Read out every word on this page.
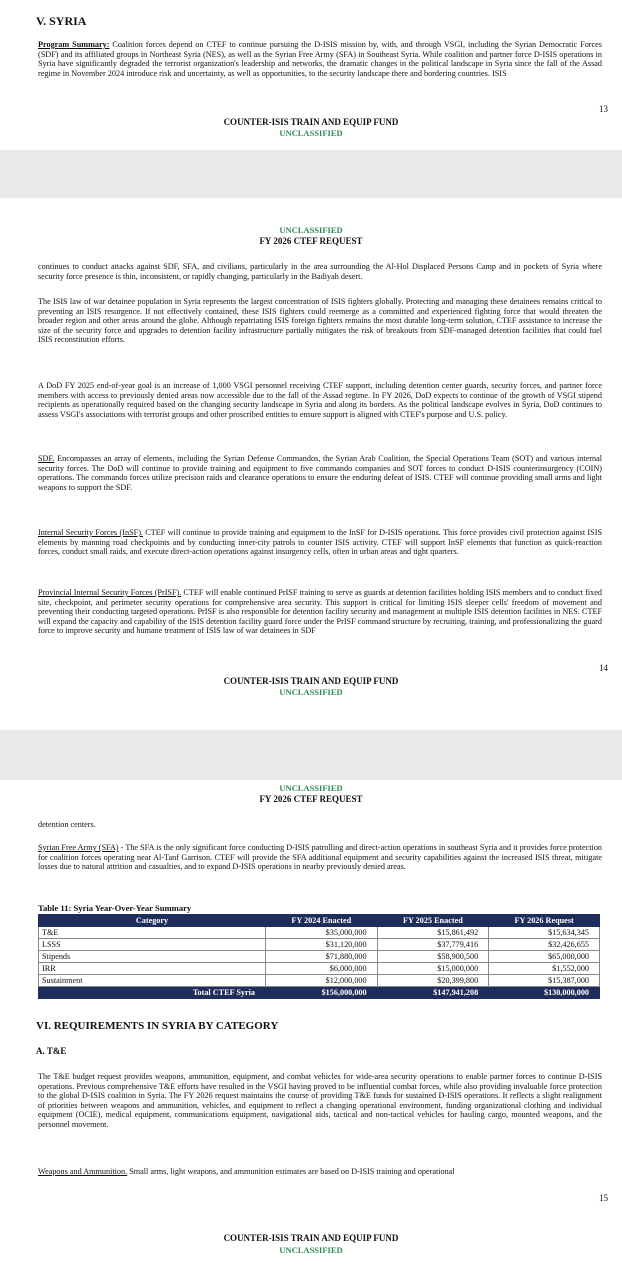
V. SYRIA

Program Summary: Coalition forces depend on CTEF to continue pursuing the D-ISIS mission by, with, and through VSGI, including the Syrian Democratic Forces (SDF) and its affiliated groups in Northeast Syria (NES), as well as the Syrian Free Army (SFA) in Southeast Syria. While coalition and partner force D-ISIS operations in Syria have significantly degraded the terrorist organization's leadership and networks, the dramatic changes in the political landscape in Syria since the fall of the Assad regime in November 2024 introduce risk and uncertainty, as well as opportunities, to the security landscape there and bordering countries. ISIS

13
COUNTER-ISIS TRAIN AND EQUIP FUND
UNCLASSIFIED
UNCLASSIFIED
FY 2026 CTEF REQUEST

continues to conduct attacks against SDF, SFA, and civilians, particularly in the area surrounding the Al-Hol Displaced Persons Camp and in pockets of Syria where security force presence is thin, inconsistent, or rapidly changing, particularly in the Badiyah desert.

The ISIS law of war detainee population in Syria represents the largest concentration of ISIS fighters globally. Protecting and managing these detainees remains critical to preventing an ISIS resurgence. If not effectively contained, these ISIS fighters could reemerge as a committed and experienced fighting force that would threaten the broader region and other areas around the globe. Although repatriating ISIS foreign fighters remains the most durable long-term solution, CTEF assistance to increase the size of the security force and upgrades to detention facility infrastructure partially mitigates the risk of breakouts from SDF-managed detention facilities that could fuel ISIS reconstitution efforts.

A DoD FY 2025 end-of-year goal is an increase of 1,000 VSGI personnel receiving CTEF support, including detention center guards, security forces, and partner force members with access to previously denied areas now accessible due to the fall of the Assad regime. In FY 2026, DoD expects to continue of the growth of VSGI stipend recipients as operationally required based on the changing security landscape in Syria and along its borders. As the political landscape evolves in Syria, DoD continues to assess VSGI's associations with terrorist groups and other proscribed entities to ensure support is aligned with CTEF's purpose and U.S. policy.

SDF. Encompasses an array of elements, including the Syrian Defense Commandos, the Syrian Arab Coalition, the Special Operations Team (SOT) and various internal security forces. The DoD will continue to provide training and equipment to five commando companies and SOT forces to conduct D-ISIS counterinsurgency (COIN) operations. The commando forces utilize precision raids and clearance operations to ensure the enduring defeat of ISIS. CTEF will continue providing small arms and light weapons to support the SDF.

Internal Security Forces (InSF). CTEF will continue to provide training and equipment to the InSF for D-ISIS operations. This force provides civil protection against ISIS elements by manning road checkpoints and by conducting inner-city patrols to counter ISIS activity. CTEF will support InSF elements that function as quick-reaction forces, conduct small raids, and execute direct-action operations against insurgency cells, often in urban areas and tight quarters.

Provincial Internal Security Forces (PrISF). CTEF will enable continued PrISF training to serve as guards at detention facilities holding ISIS members and to conduct fixed site, checkpoint, and perimeter security operations for comprehensive area security. This support is critical for limiting ISIS sleeper cells' freedom of movement and preventing their conducting targeted operations. PrISF is also responsible for detention facility security and management at multiple ISIS detention facilities in NES. CTEF will expand the capacity and capability of the ISIS detention facility guard force under the PrISF command structure by recruiting, training, and professionalizing the guard force to improve security and humane treatment of ISIS law of war detainees in SDF

14
COUNTER-ISIS TRAIN AND EQUIP FUND
UNCLASSIFIED
UNCLASSIFIED
FY 2026 CTEF REQUEST

detention centers.

Syrian Free Army (SFA) - The SFA is the only significant force conducting D-ISIS patrolling and direct-action operations in southeast Syria and it provides force protection for coalition forces operating near Al-Tanf Garrison. CTEF will provide the SFA additional equipment and security capabilities against the increased ISIS threat, mitigate losses due to natural attrition and casualties, and to expand D-ISIS operations in nearby previously denied areas.

Table 11: Syria Year-Over-Year Summary
Category	FY 2024 Enacted	FY 2025 Enacted	FY 2026 Request
T&E	$35,000,000	$15,861,492	$15,634,345
LSSS	$31,120,000	$37,779,416	$32,426,655
Stipends	$71,880,000	$58,900,500	$65,000,000
IRR	$6,000,000	$15,000,000	$1,552,000
Sustainment	$12,000,000	$20,399,800	$15,387,000
Total CTEF Syria	$156,000,000	$147,941,208	$130,000,000
VI. REQUIREMENTS IN SYRIA BY CATEGORY
A. T&E

The T&E budget request provides weapons, ammunition, equipment, and combat vehicles for wide-area security operations to enable partner forces to continue D-ISIS operations. Previous comprehensive T&E efforts have resulted in the VSGI having proved to be influential combat forces, while also providing invaluable force protection to the global D-ISIS coalition in Syria. The FY 2026 request maintains the course of providing T&E funds for sustained D-ISIS operations. It reflects a slight realignment of priorities between weapons and ammunition, vehicles, and equipment to reflect a changing operational environment, funding organizational clothing and individual equipment (OCIE), medical equipment, communications equipment, navigational aids, tactical and non-tactical vehicles for hauling cargo, mounted weapons, and the personnel movement.

Weapons and Ammunition. Small arms, light weapons, and ammunition estimates are based on D-ISIS training and operational

15
COUNTER-ISIS TRAIN AND EQUIP FUND
UNCLASSIFIED
